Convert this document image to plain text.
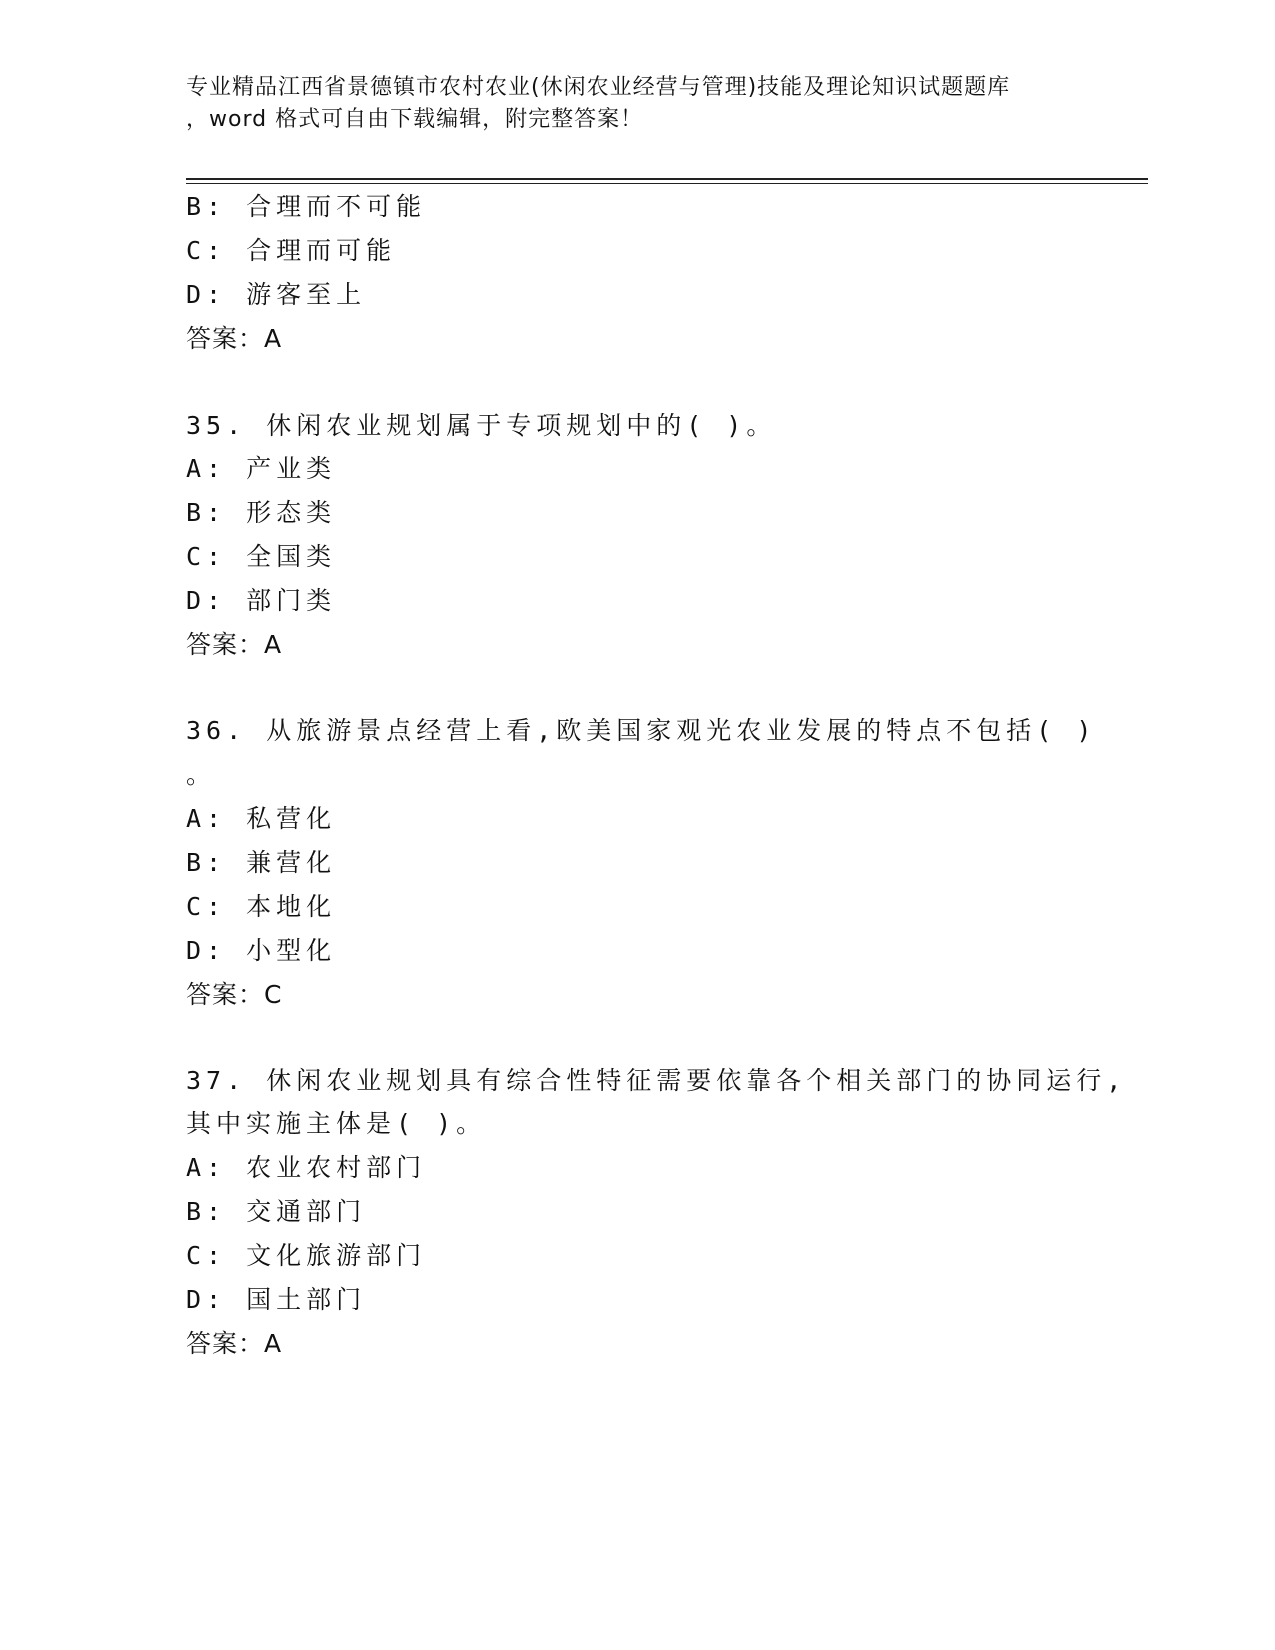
专业精品江西省景德镇市农村农业(休闲农业经营与管理)技能及理论知识试题题库
，word 格式可自由下载编辑，附完整答案！
B: 合理而不可能
C: 合理而可能
D: 游客至上
答案：A
35. 休闲农业规划属于专项规划中的( )。
A: 产业类
B: 形态类
C: 全国类
D: 部门类
答案：A
36. 从旅游景点经营上看,欧美国家观光农业发展的特点不包括( )
。
A: 私营化
B: 兼营化
C: 本地化
D: 小型化
答案：C
37. 休闲农业规划具有综合性特征需要依靠各个相关部门的协同运行,
其中实施主体是( )。
A: 农业农村部门
B: 交通部门
C: 文化旅游部门
D: 国土部门
答案：A
